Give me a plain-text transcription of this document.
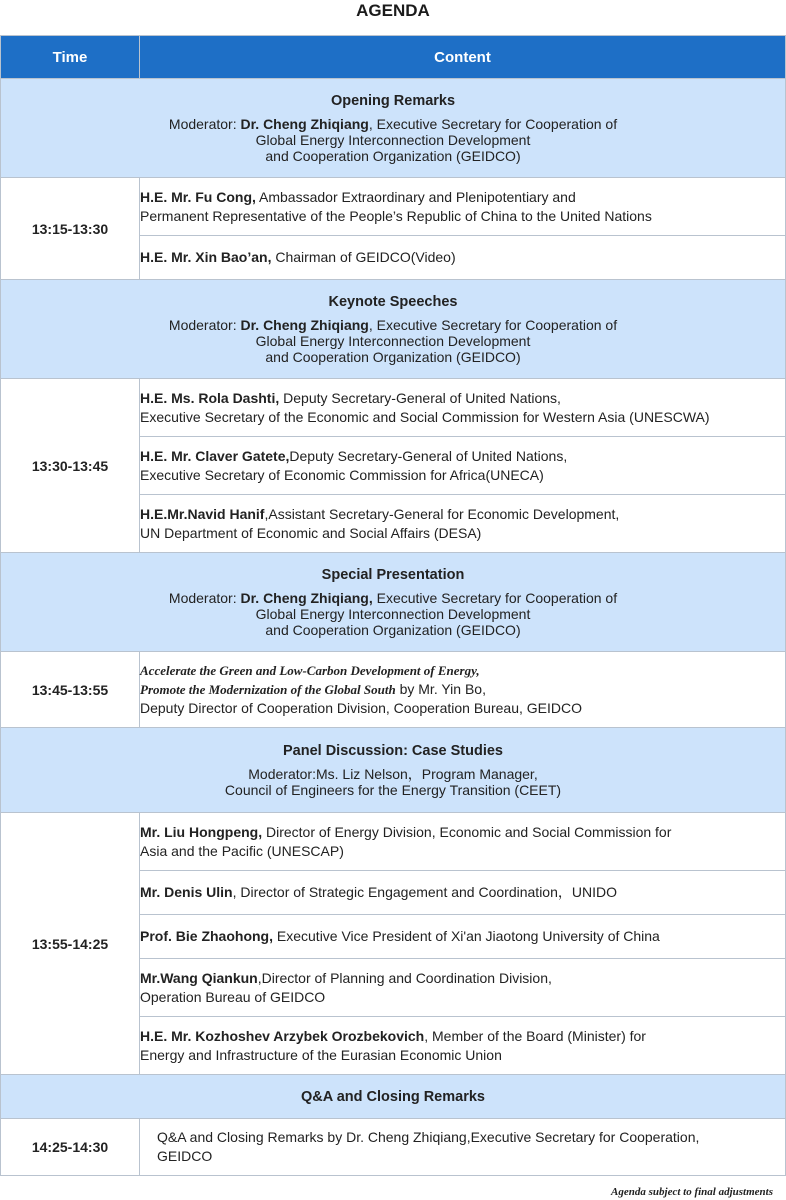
AGENDA
Time	Content

Opening Remarks
Moderator: Dr. Cheng Zhiqiang, Executive Secretary for Cooperation of
Global Energy Interconnection Development
and Cooperation Organization (GEIDCO)	

13:15-13:30	H.E. Mr. Fu Cong, Ambassador Extraordinary and Plenipotentiary and
Permanent Representative of the People’s Republic of China to the United Nations

	H.E. Mr. Xin Bao’an, Chairman of GEIDCO(Video)

Keynote Speeches
Moderator: Dr. Cheng Zhiqiang, Executive Secretary for Cooperation of
Global Energy Interconnection Development
and Cooperation Organization (GEIDCO)	

13:30-13:45	H.E. Ms. Rola Dashti, Deputy Secretary-General of United Nations,
Executive Secretary of the Economic and Social Commission for Western Asia (UNESCWA)

	H.E. Mr. Claver Gatete,Deputy Secretary-General of United Nations,
Executive Secretary of Economic Commission for Africa(UNECA)

	H.E.Mr.Navid Hanif,Assistant Secretary-General for Economic Development,
UN Department of Economic and Social Affairs (DESA)

Special Presentation
Moderator: Dr. Cheng Zhiqiang, Executive Secretary for Cooperation of
Global Energy Interconnection Development
and Cooperation Organization (GEIDCO)	

13:45-13:55	Accelerate the Green and Low-Carbon Development of Energy,
Promote the Modernization of the Global South by Mr. Yin Bo,
Deputy Director of Cooperation Division, Cooperation Bureau, GEIDCO

Panel Discussion: Case Studies
Moderator:Ms. Liz Nelson，Program Manager,
Council of Engineers for the Energy Transition (CEET)	

13:55-14:25	Mr. Liu Hongpeng, Director of Energy Division, Economic and Social Commission for
Asia and the Pacific (UNESCAP)

	Mr. Denis Ulin, Director of Strategic Engagement and Coordination，UNIDO

	Prof. Bie Zhaohong, Executive Vice President of Xi'an Jiaotong University of China

	Mr.Wang Qiankun,Director of Planning and Coordination Division,
Operation Bureau of GEIDCO

	H.E. Mr. Kozhoshev Arzybek Orozbekovich, Member of the Board (Minister) for
Energy and Infrastructure of the Eurasian Economic Union

Q&A and Closing Remarks	

14:25-14:30	Q&A and Closing Remarks by Dr. Cheng Zhiqiang,Executive Secretary for Cooperation,
GEIDCO
Agenda subject to final adjustments
